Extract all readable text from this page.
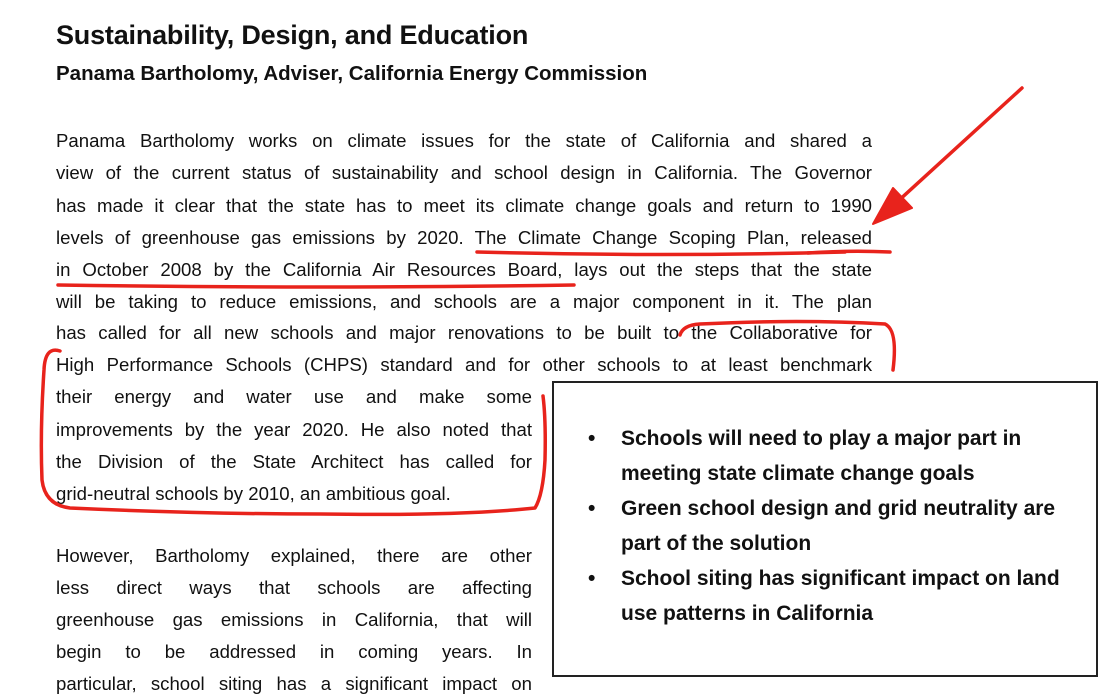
Sustainability, Design, and Education
Panama Bartholomy, Adviser, California Energy Commission

Panama Bartholomy works on climate issues for the state of California and shared a

view of the current status of sustainability and school design in California. The Governor

has made it clear that the state has to meet its climate change goals and return to 1990

levels of greenhouse gas emissions by 2020. The Climate Change Scoping Plan, released

in October 2008 by the California Air Resources Board, lays out the steps that the state

will be taking to reduce emissions, and schools are a major component in it. The plan

has called for all new schools and major renovations to be built to the Collaborative for

High Performance Schools (CHPS) standard and for other schools to at least benchmark

their energy and water use and make some

improvements by the year 2020. He also noted that

the Division of the State Architect has called for

grid-neutral schools by 2010, an ambitious goal.

However, Bartholomy explained, there are other

less direct ways that schools are affecting

greenhouse gas emissions in California, that will

begin to be addressed in coming years. In

particular, school siting has a significant impact on

• Schools will need to play a major part in meeting state climate change goals
• Green school design and grid neutrality are part of the solution
• School siting has significant impact on land use patterns in California
